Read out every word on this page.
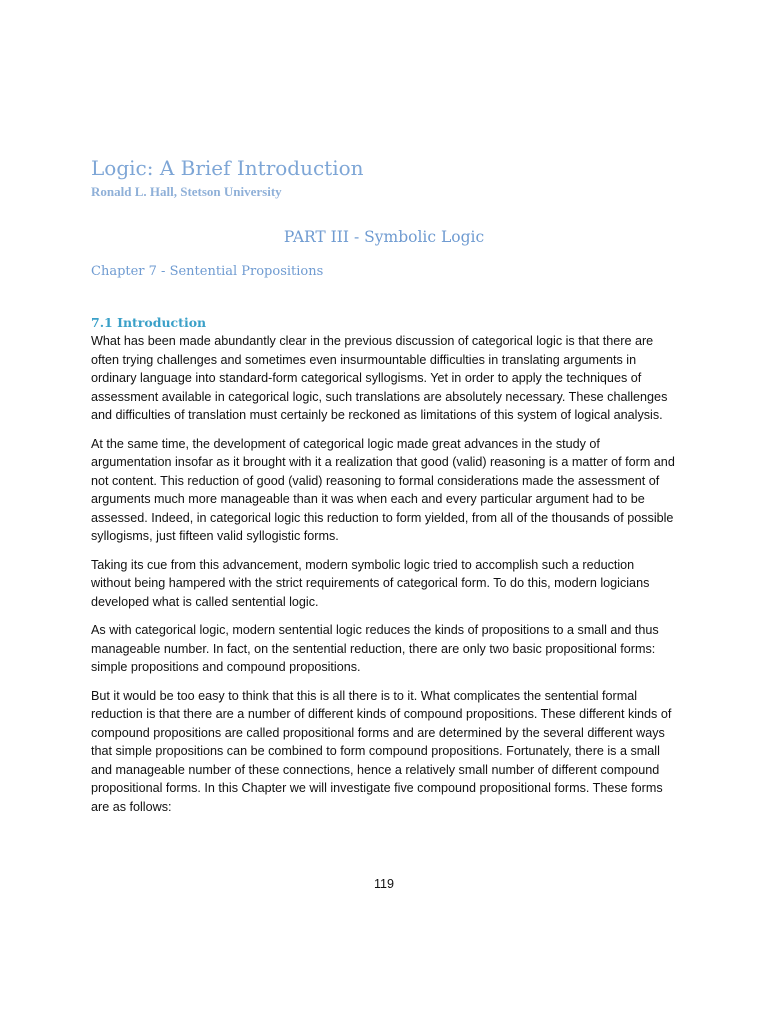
Logic: A Brief Introduction
Ronald L. Hall, Stetson University
PART III - Symbolic Logic
Chapter 7 - Sentential Propositions
7.1 Introduction

What has been made abundantly clear in the previous discussion of categorical logic is that there are often trying challenges and sometimes even insurmountable difficulties in translating arguments in ordinary language into standard-form categorical syllogisms. Yet in order to apply the techniques of assessment available in categorical logic, such translations are absolutely necessary. These challenges and difficulties of translation must certainly be reckoned as limitations of this system of logical analysis.

At the same time, the development of categorical logic made great advances in the study of argumentation insofar as it brought with it a realization that good (valid) reasoning is a matter of form and not content. This reduction of good (valid) reasoning to formal considerations made the assessment of arguments much more manageable than it was when each and every particular argument had to be assessed. Indeed, in categorical logic this reduction to form yielded, from all of the thousands of possible syllogisms, just fifteen valid syllogistic forms.

Taking its cue from this advancement, modern symbolic logic tried to accomplish such a reduction without being hampered with the strict requirements of categorical form. To do this, modern logicians developed what is called sentential logic.

As with categorical logic, modern sentential logic reduces the kinds of propositions to a small and thus manageable number. In fact, on the sentential reduction, there are only two basic propositional forms: simple propositions and compound propositions.

But it would be too easy to think that this is all there is to it. What complicates the sentential formal reduction is that there are a number of different kinds of compound propositions. These different kinds of compound propositions are called propositional forms and are determined by the several different ways that simple propositions can be combined to form compound propositions. Fortunately, there is a small and manageable number of these connections, hence a relatively small number of different compound propositional forms. In this Chapter we will investigate five compound propositional forms. These forms are as follows:

119
